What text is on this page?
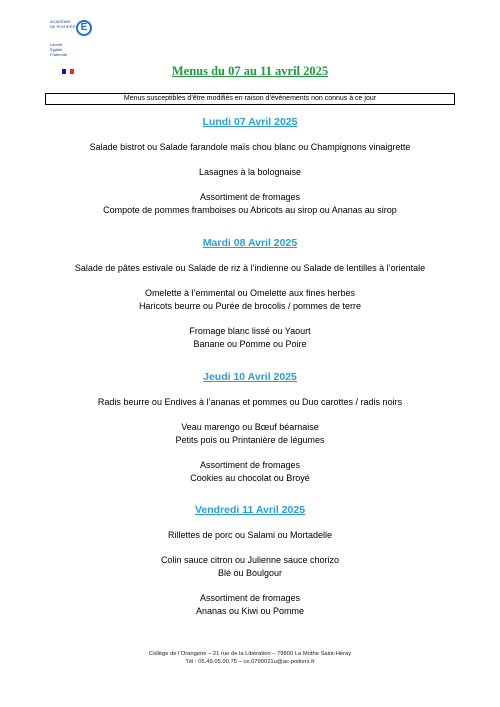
ACADÉMIE
DE POITIERS
Liberté
Égalité
Fraternité
E
Menus du 07 au 11 avril 2025
Menus susceptibles d’être modifiés en raison d’évènements non connus à ce jour
Lundi 07 Avril 2025
Salade bistrot ou Salade farandole maïs chou blanc ou Champignons vinaigrette
Lasagnes à la bolognaise
Assortiment de fromages
Compote de pommes framboises ou Abricots au sirop ou Ananas au sirop
Mardi 08 Avril 2025
Salade de pâtes estivale ou Salade de riz à l’indienne ou Salade de lentilles à l’orientale
Omelette à l’emmental ou Omelette aux fines herbes
Haricots beurre ou Purée de brocolis / pommes de terre
Fromage blanc lissé ou Yaourt
Banane ou Pomme ou Poire
Jeudi 10 Avril 2025
Radis beurre ou Endives à l’ananas et pommes ou Duo carottes / radis noirs
Veau marengo ou Bœuf béarnaise
Petits pois ou Printanière de légumes
Assortiment de fromages
Cookies au chocolat ou Broyé
Vendredi 11 Avril 2025
Rillettes de porc ou Salami ou Mortadelle
Colin sauce citron ou Julienne sauce chorizo
Blé ou Boulgour
Assortiment de fromages
Ananas ou Kiwi ou Pomme
Collège de l’Orangerie – 21 rue de la Libération – 79800 La Mothe Saint-Héray
Tél : 05.49.05.00.75 – ce.0790021u@ac-poitiers.fr
